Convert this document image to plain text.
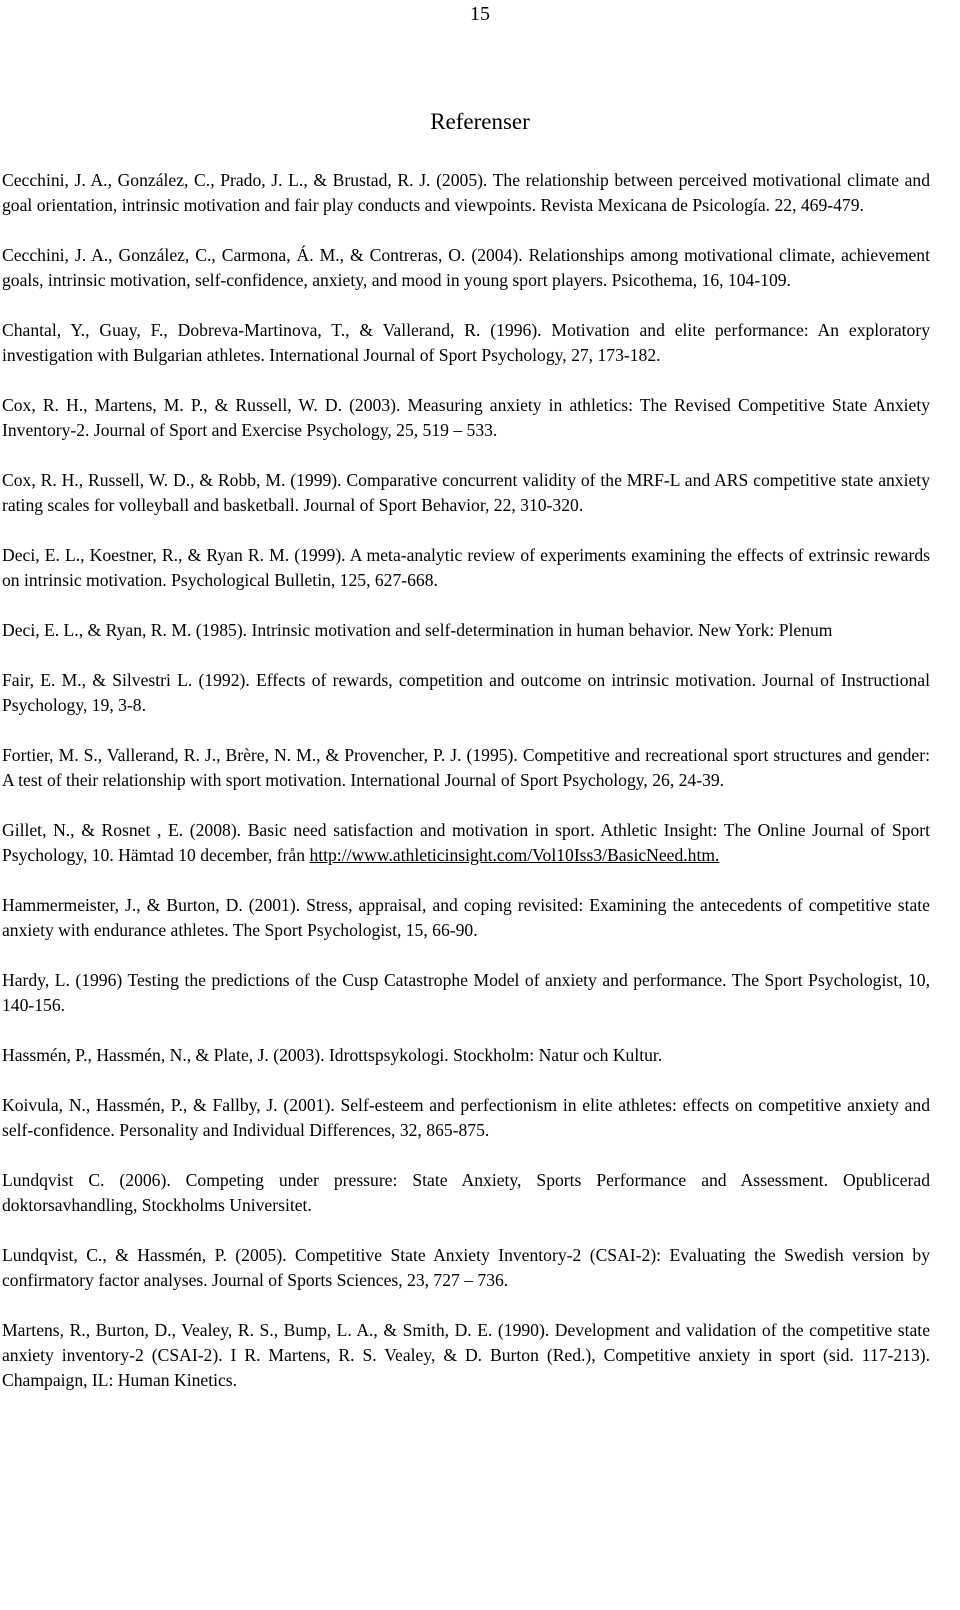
15
Referenser

Cecchini, J. A., González, C., Prado, J. L., & Brustad, R. J. (2005). The relationship between perceived motivational climate and goal orientation, intrinsic motivation and fair play conducts and viewpoints. Revista Mexicana de Psicología. 22, 469-479.

Cecchini, J. A., González, C., Carmona, Á. M., & Contreras, O. (2004). Relationships among motivational climate, achievement goals, intrinsic motivation, self-confidence, anxiety, and mood in young sport players. Psicothema, 16, 104-109.

Chantal, Y., Guay, F., Dobreva-Martinova, T., & Vallerand, R. (1996). Motivation and elite performance: An exploratory investigation with Bulgarian athletes. International Journal of Sport Psychology, 27, 173-182.

Cox, R. H., Martens, M. P., & Russell, W. D. (2003). Measuring anxiety in athletics: The Revised Competitive State Anxiety Inventory-2. Journal of Sport and Exercise Psychology, 25, 519 – 533.

Cox, R. H., Russell, W. D., & Robb, M. (1999). Comparative concurrent validity of the MRF-L and ARS competitive state anxiety rating scales for volleyball and basketball. Journal of Sport Behavior, 22, 310-320.

Deci, E. L., Koestner, R., & Ryan R. M. (1999). A meta-analytic review of experiments examining the effects of extrinsic rewards on intrinsic motivation. Psychological Bulletin, 125, 627-668.

Deci, E. L., & Ryan, R. M. (1985). Intrinsic motivation and self-determination in human behavior. New York: Plenum

Fair, E. M., & Silvestri L. (1992). Effects of rewards, competition and outcome on intrinsic motivation. Journal of Instructional Psychology, 19, 3-8.

Fortier, M. S., Vallerand, R. J., Brère, N. M., & Provencher, P. J. (1995). Competitive and recreational sport structures and gender: A test of their relationship with sport motivation. International Journal of Sport Psychology, 26, 24-39.

Gillet, N., & Rosnet , E. (2008). Basic need satisfaction and motivation in sport. Athletic Insight: The Online Journal of Sport Psychology, 10. Hämtad 10 december, från http://www.athleticinsight.com/Vol10Iss3/BasicNeed.htm.

Hammermeister, J., & Burton, D. (2001). Stress, appraisal, and coping revisited: Examining the antecedents of competitive state anxiety with endurance athletes. The Sport Psychologist, 15, 66-90.

Hardy, L. (1996) Testing the predictions of the Cusp Catastrophe Model of anxiety and performance. The Sport Psychologist, 10, 140-156.

Hassmén, P., Hassmén, N., & Plate, J. (2003). Idrottspsykologi. Stockholm: Natur och Kultur.

Koivula, N., Hassmén, P., & Fallby, J. (2001). Self-esteem and perfectionism in elite athletes: effects on competitive anxiety and self-confidence. Personality and Individual Differences, 32, 865-875.

Lundqvist C. (2006). Competing under pressure: State Anxiety, Sports Performance and Assessment. Opublicerad doktorsavhandling, Stockholms Universitet.

Lundqvist, C., & Hassmén, P. (2005). Competitive State Anxiety Inventory-2 (CSAI-2): Evaluating the Swedish version by confirmatory factor analyses. Journal of Sports Sciences, 23, 727 – 736.

Martens, R., Burton, D., Vealey, R. S., Bump, L. A., & Smith, D. E. (1990). Development and validation of the competitive state anxiety inventory-2 (CSAI-2). I R. Martens, R. S. Vealey, & D. Burton (Red.), Competitive anxiety in sport (sid. 117-213). Champaign, IL: Human Kinetics.
